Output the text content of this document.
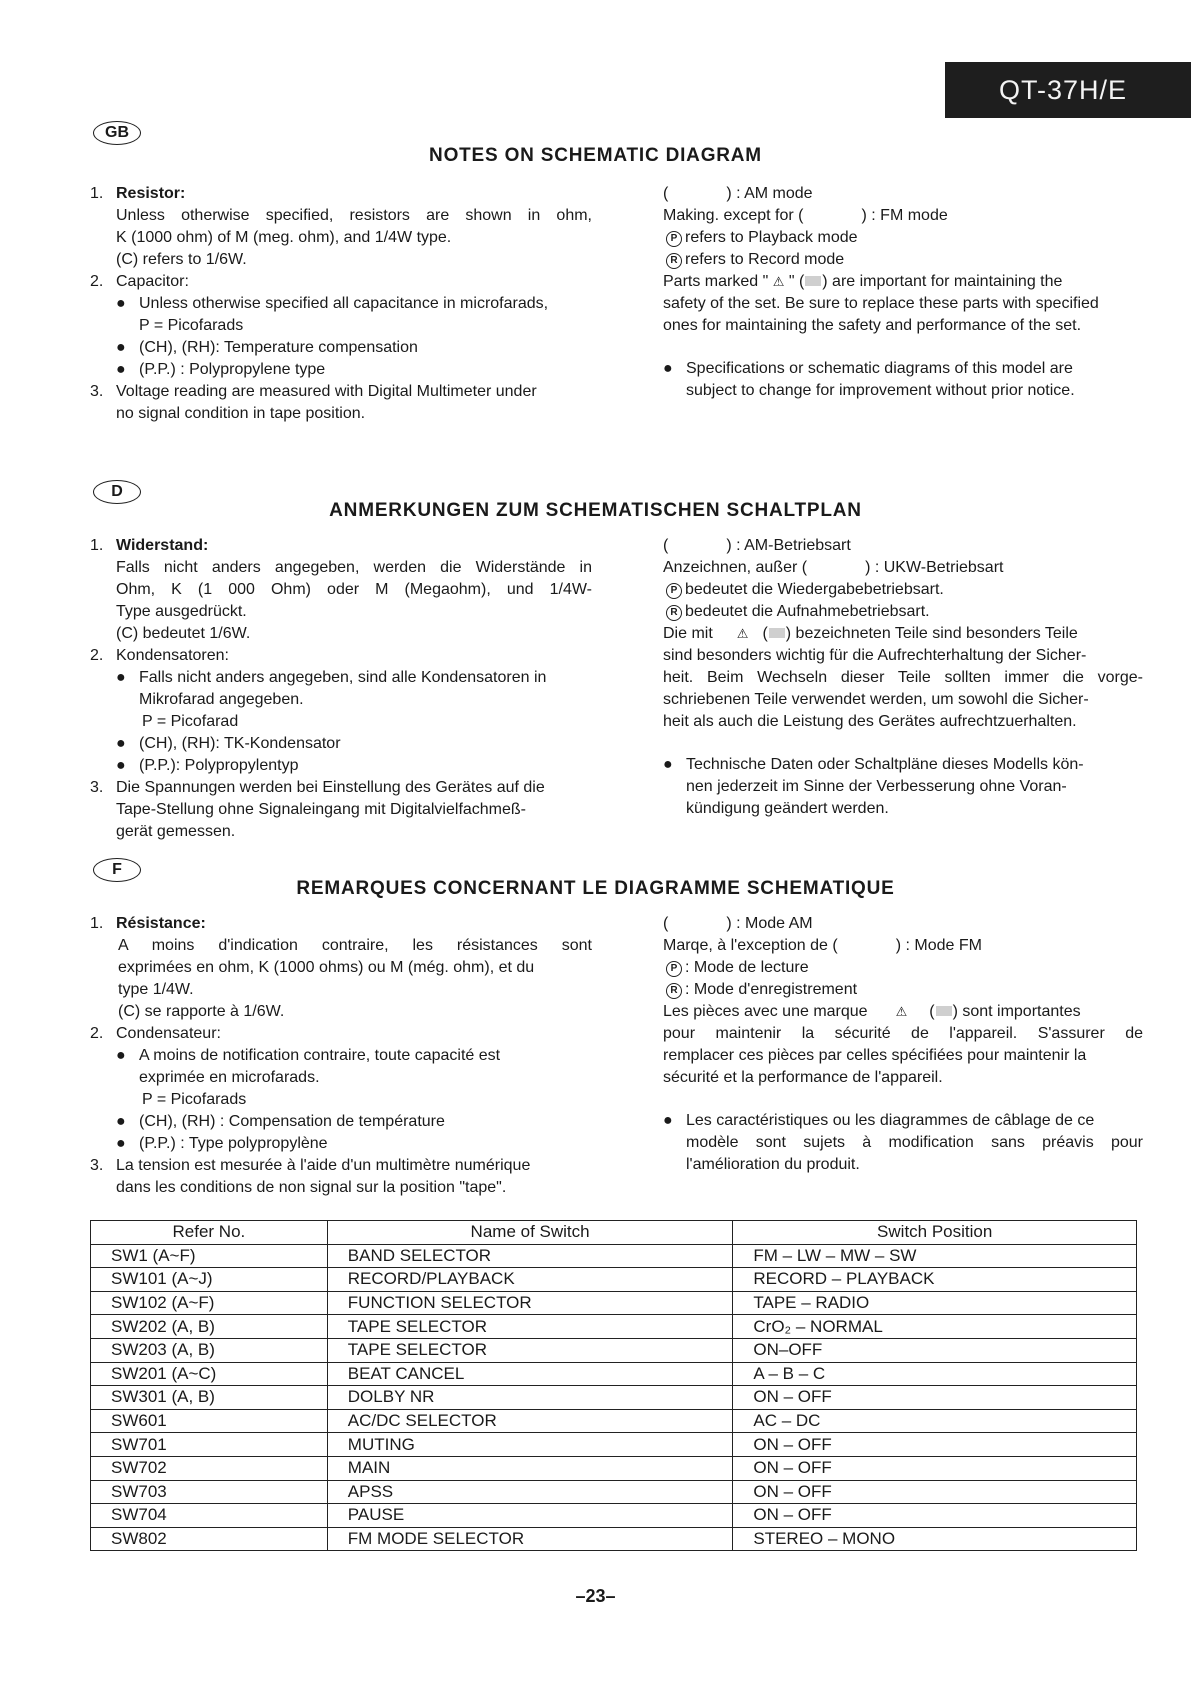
QT-37H/E
GB
NOTES ON SCHEMATIC DIAGRAM
1. Resistor:
Unless otherwise specified, resistors are shown in ohm,
K (1000 ohm) of M (meg. ohm), and 1/4W type.
(C) refers to 1/6W.
2. Capacitor:
● Unless otherwise specified all capacitance in microfarads,
P = Picofarads
● (CH), (RH): Temperature compensation
● (P.P.) : Polypropylene type
3. Voltage reading are measured with Digital Multimeter under
no signal condition in tape position.
(	) : AM mode
Making. except for (	) : FM mode
P refers to Playback mode
R refers to Record mode
Parts marked " ⚠ " ( ) are important for maintaining the
safety of the set. Be sure to replace these parts with specified
ones for maintaining the safety and performance of the set.
● Specifications or schematic diagrams of this model are
subject to change for improvement without prior notice.
D
ANMERKUNGEN ZUM SCHEMATISCHEN SCHALTPLAN
1. Widerstand:
Falls nicht anders angegeben, werden die Widerstände in
Ohm, K (1 000 Ohm) oder M (Megaohm), und 1/4W-
Type ausgedrückt.
(C) bedeutet 1/6W.
2. Kondensatoren:
● Falls nicht anders angegeben, sind alle Kondensatoren in
Mikrofarad angegeben.
P = Picofarad
● (CH), (RH): TK-Kondensator
● (P.P.): Polypropylentyp
3. Die Spannungen werden bei Einstellung des Gerätes auf die
Tape-Stellung ohne Signaleingang mit Digitalvielfachmeß-
gerät gemessen.
(	) : AM-Betriebsart
Anzeichnen, außer (	) : UKW-Betriebsart
P bedeutet die Wiedergabebetriebsart.
R bedeutet die Aufnahmebetriebsart.
Die mit ⚠ ( ) bezeichneten Teile sind besonders Teile
sind besonders wichtig für die Aufrechterhaltung der Sicher-
heit. Beim Wechseln dieser Teile sollten immer die vorge-
schriebenen Teile verwendet werden, um sowohl die Sicher-
heit als auch die Leistung des Gerätes aufrechtzuerhalten.
● Technische Daten oder Schaltpläne dieses Modells kön-
nen jederzeit im Sinne der Verbesserung ohne Voran-
kündigung geändert werden.
F
REMARQUES CONCERNANT LE DIAGRAMME SCHEMATIQUE
1. Résistance:
A moins d'indication contraire, les résistances sont
exprimées en ohm, K (1000 ohms) ou M (még. ohm), et du
type 1/4W.
(C) se rapporte à 1/6W.
2. Condensateur:
● A moins de notification contraire, toute capacité est
exprimée en microfarads.
P = Picofarads
● (CH), (RH) : Compensation de température
● (P.P.) : Type polypropylène
3. La tension est mesurée à l'aide d'un multimètre numérique
dans les conditions de non signal sur la position "tape".
(	) : Mode AM
Marqe, à l'exception de (	) : Mode FM
P : Mode de lecture
R : Mode d'enregistrement
Les pièces avec une marque ⚠ ( ) sont importantes
pour maintenir la sécurité de l'appareil. S'assurer de
remplacer ces pièces par celles spécifiées pour maintenir la
sécurité et la performance de l'appareil.
● Les caractéristiques ou les diagrammes de câblage de ce
modèle sont sujets à modification sans préavis pour
l'amélioration du produit.
Refer No.	Name of Switch	Switch Position
SW1 (A~F)	BAND SELECTOR	FM – LW – MW – SW
SW101 (A~J)	RECORD/PLAYBACK	RECORD – PLAYBACK
SW102 (A~F)	FUNCTION SELECTOR	TAPE – RADIO
SW202 (A, B)	TAPE SELECTOR	CrO₂ – NORMAL
SW203 (A, B)	TAPE SELECTOR	ON–OFF
SW201 (A~C)	BEAT CANCEL	A – B – C
SW301 (A, B)	DOLBY NR	ON – OFF
SW601	AC/DC SELECTOR	AC – DC
SW701	MUTING	ON – OFF
SW702	MAIN	ON – OFF
SW703	APSS	ON – OFF
SW704	PAUSE	ON – OFF
SW802	FM MODE SELECTOR	STEREO – MONO
–23–
